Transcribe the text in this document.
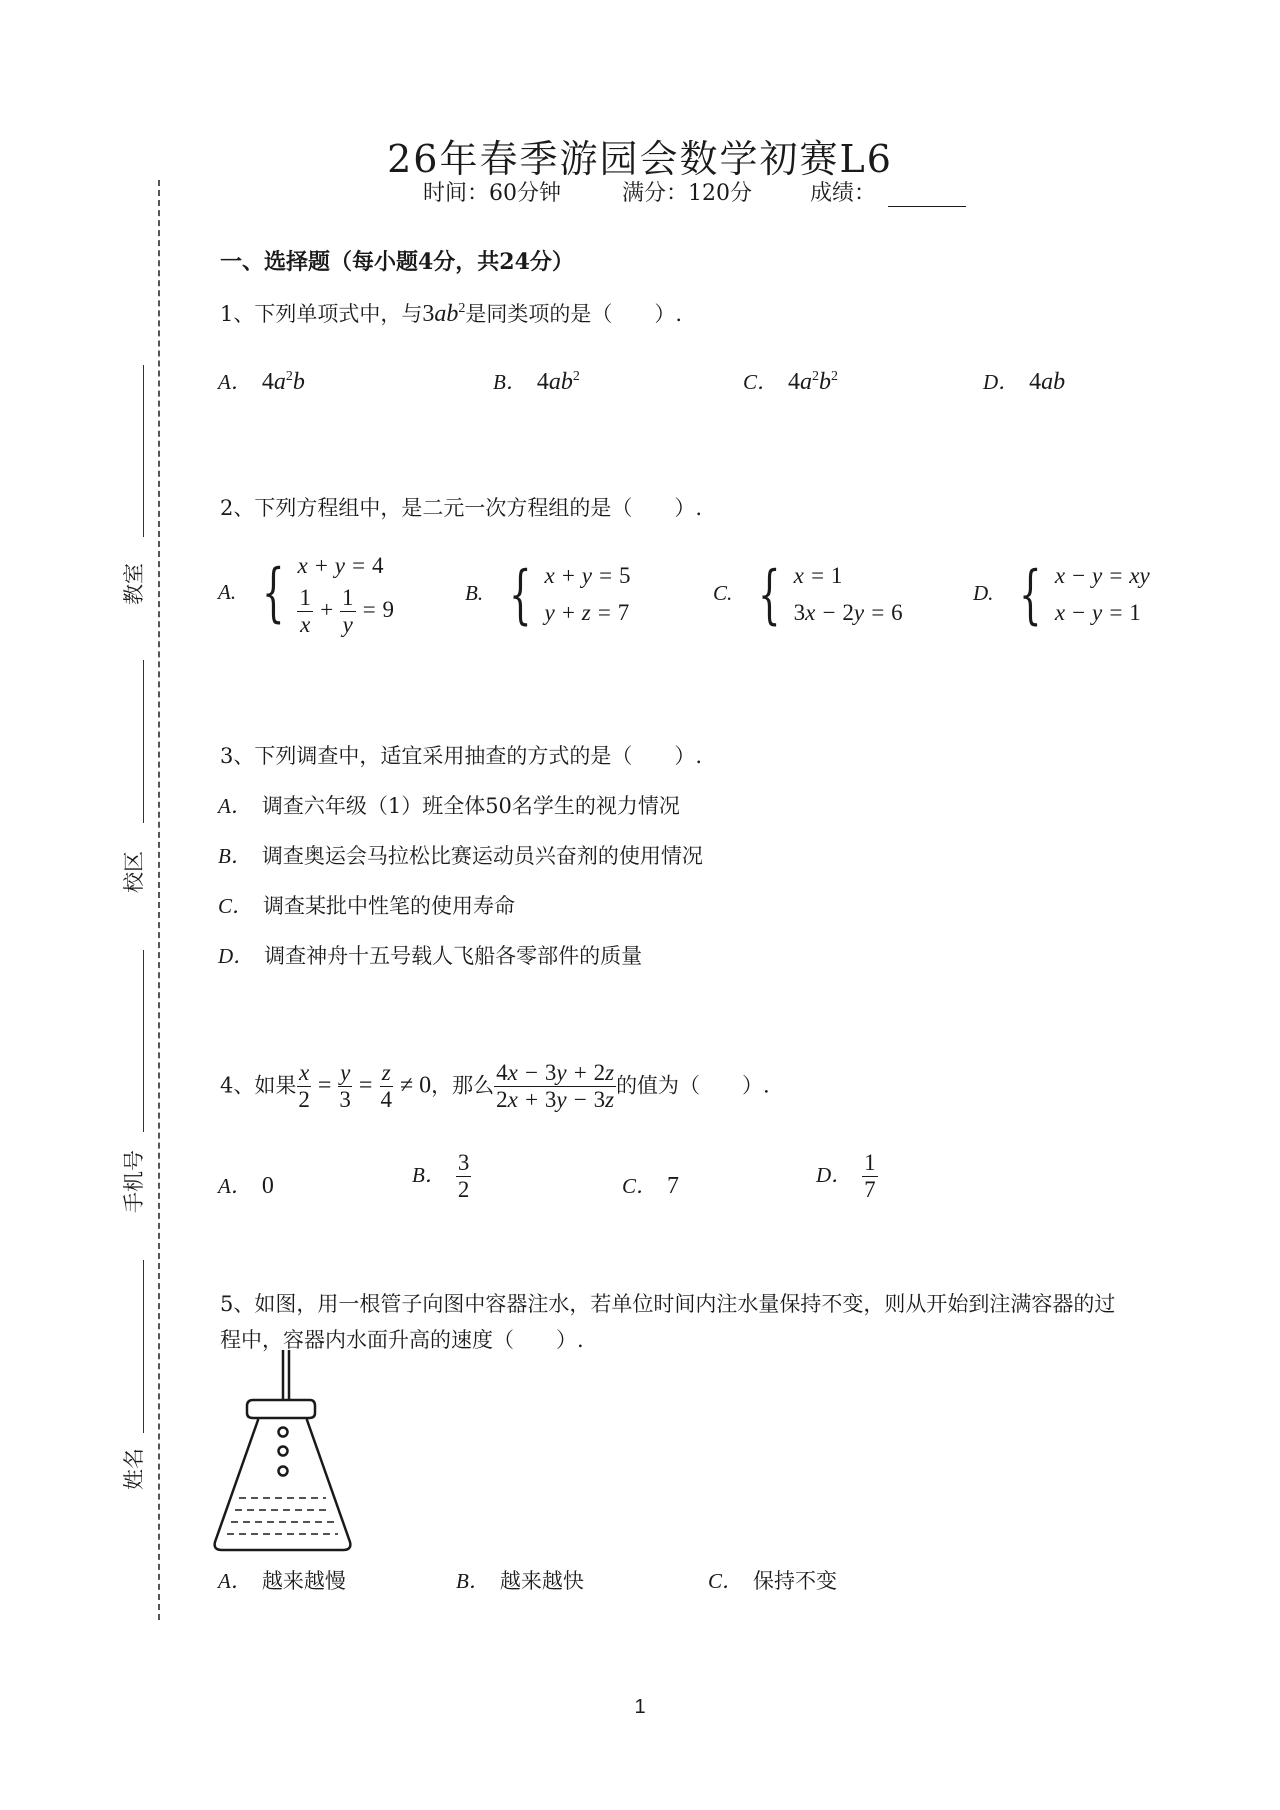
教室
校区
手机号
姓名
26年春季游园会数学初赛L6
时间：60分钟	满分：120分	成绩：
一、选择题（每小题4分，共24分）
1、下列单项式中，与$3ab^2$是同类项的是（　　）.
A． $4a^2b$	B． $4ab^2$	C． $4a^2b^2$	D． 4ab
2、下列方程组中，是二元一次方程组的是（　　）.
A. { x + y = 4
$\frac{1}{x} + \frac{1}{y} = 9$
B. { x + y = 5
y + z = 7
C. { x = 1
3x − 2y = 6
D. { x − y = xy
x − y = 1
3、下列调查中，适宜采用抽查的方式的是（　　）.
A． 调查六年级（1）班全体50名学生的视力情况
B． 调查奥运会马拉松比赛运动员兴奋剂的使用情况
C． 调查某批中性笔的使用寿命
D． 调查神舟十五号载人飞船各零部件的质量
4、如果 $\frac{x}{2} = \frac{y}{3} = \frac{z}{4} \ne 0$，那么 $\frac{4x - 3y + 2z}{2x + 3y - 3z}$ 的值为（　　）.
A． 0	B． $\frac{3}{2}$	C． 7	D． $\frac{1}{7}$
5、如图，用一根管子向图中容器注水，若单位时间内注水量保持不变，则从开始到注满容器的过
程中，容器内水面升高的速度（　　）.
A． 越来越慢	B． 越来越快	C． 保持不变
1
